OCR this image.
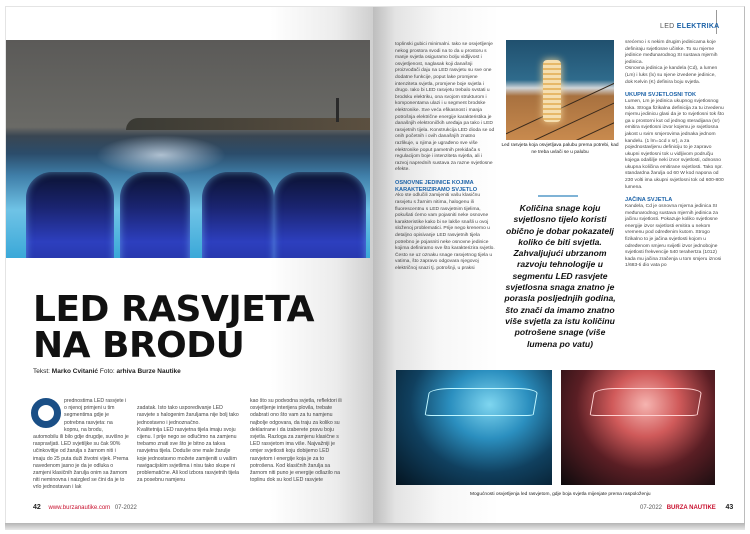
LED RASVJETA
NA BRODU
Tekst: Marko Cvitanić Foto: arhiva Burze Nautike
prednostima LED rasvjete i o njenoj primjeni u tim segmentima gdje je potrebna rasvjeta: na kopnu, na brodu, automobilu ili bilo gdje drugdje, suvišno je raspravljati. LED svjetiljke su čak 90% učinkovitije od žarulja s žarnom niti i imaju do 25 puta duži životni vijek. Prema navedenom jasno je da je odluka o zamjeni klasičnih žarulja onim sa žarnom niti neminovna i naizgled se čini da je to vrlo jednostavan i lak

zadatak. Isto tako usporedivanje LED rasvjete s halogenim žaruljama nije bolj tako jednostavno i jednoznačno.
Kvalitetnija LED rasvjetna tijela imaju svoju cijenu. I prije nego se odlučimo na zamjenu trebamo znati sve što je bitno za takva rasvjetna tijela. Dodušе one male žarulje koje jednostavno možete zamijeniti u vašim navigacijskim svjetlima i nisu tako skupe ni problematične. Ali kod izbora rasvjetnih tijela za posebnu namjenu

kao što su podvodna svjetla, reflektori ili osvjetljenje interijera plovila, trebate odabrati ono što vam za tu namjenu najbolje odgovara, da traju za koliko su deklarirane i da izaberete pravu boju svjetla. Razloga za zamjenu klasične s LED rasvjetom ima više. Najvažniji je omjer svjetlosti koju dobijemo LED rasvjetom i energije koja je za to potrošena. Kod klasičnih žarulja sa žarnom niti puno je energije odlazilo na toplinu dok su kod LED rasvjete
42 www.burzanautike.com 07-2022
LED ELEKTRIKA
toplinski gubici minimalni. Iako se osvjetljenje nekog prostora svodi na to da u prostoru s manje svjetla osiguramo bolju vidljivost i osvjetljenost, naglasak koji današnji proizvođači daju na LED rasvjetu su sve one dodatne funkcije, poput lake promjene intenziteta svjetla, promjene boje svjetla i drugo. Iako bi LED rasvjetu trebalo svstati u brodsku elektriku, ona svojom strukturom i komponentama ulazi i u segment brodske elektronike. Sve veća efikasnost i manja potrošnja električne energije karakteristika je današnjih elektroničkih uređaja pa tako i LED rasvjetnih tijela. Konstrukcija LED dioda se od onih početnih i ovih današnjih znatno razlikuje, u njima je ugrađeno sve više elektronike poput pametnih prekidača s regulacijom boje i intenziteta svjetla, ali i razvoj naprednih sustava za razne svjetlosne efekte.
OSNOVNE JEDINICE KOJIMA KARAKTERIZIRAMO SVJETLO
Ako ste odlučili zamijeniti vašu klasičnu rasvjetu s žarnim nitima, halogenu ili fluorescentnu s LED rasvjetnim tijelima, pokušati ćemo vam pojasniti neke osnovne karakteristike kako bi se lakše snašli u ovoj složenoj problematici. Prije nego krenemo u detaljno opisivanje LED rasvjetnih tijela potrebno je pojasniti neke osnovne jedinice kojima definiramo sve što karakterizira svjetlo. Često se uz oznaku snage rasvjetnog tijela u vatima, što zapravo odgovara njegovoj električnoj snazi tj. potrošnji, u praksi
Led rasvjeta koja osvjetljava palubu prema potrebi, kad ne treba uvlači se u palubu
Količina snage koju svjetlosno tijelo koristi obično je dobar pokazatelj koliko će biti svjetla. Zahvaljujući ubrzanom razvoju tehnologije u segmentu LED rasvjete svjetlosna snaga znatno je porasla posljednjih godina, što znači da imamo znatno više svjetla za istu količinu potrošene snage (više lumena po vatu)
srećemo i s nekim drugim jedinicama koje definiraju svjetlosne učinke. To su mjerne jedinice međunarodnog SI sustava mjernih jedinica.
Osnovna jedinica je kandela (Cd), a lumen (Lm) i luks (lx) su njene izvedene jedinice, dok Kelvin (K) definira boju svjetla.
UKUPNI SVJETLOSNI TOK
Lumen, Lm je jedinica ukupnog svjetlosnog toka. Stroga fizikalna definicija za tu izvedenu mjernu jedinicu glasi da je to svjetlosni tok što ga u prostorni kut od jednog steradijana (sr) emitira svjetlosni izvor kojemu je svjetlosna jakost u svim smjerovima jednaka jednom kandelu. (1 lm=1cd x sr), a za pojednostavljenu definiciju to je zapravo ukupni svjetlosni tok u vidljivom području kojega odašilje neki izvor svjetlosti, odnosno ukupna količina emitirane svjetlosti. Tako npr. standardna žarulja od 60 W kod napona od 230 volti ima ukupni svjetlosni tok od 600-800 lumena.
JAČINA SVJETLA
Kandela, Cd je osnovna mjerna jedinica SI međunarodnog sustava mjernih jedinica za jačinu svjetlosti. Pokazuje koliko svjetlosne energije izvor svjetlosti emitira u nekom vremenu pod određenim kutom. Strogo fizikalno to je jačina svjetlosti kojom u određenom smjeru svijetli izvor jednobojne svjetlosti frekvencije 540 terahertza (1012) kada mu jačina zračenja u tom smjeru iznosi 1/683-ti dio vata po
Mogućnosti osvjetljenja led rasvjetom, gdje boja svjetla mijenjate prema raspoloženju
07-2022 BURZA NAUTIKE 43
